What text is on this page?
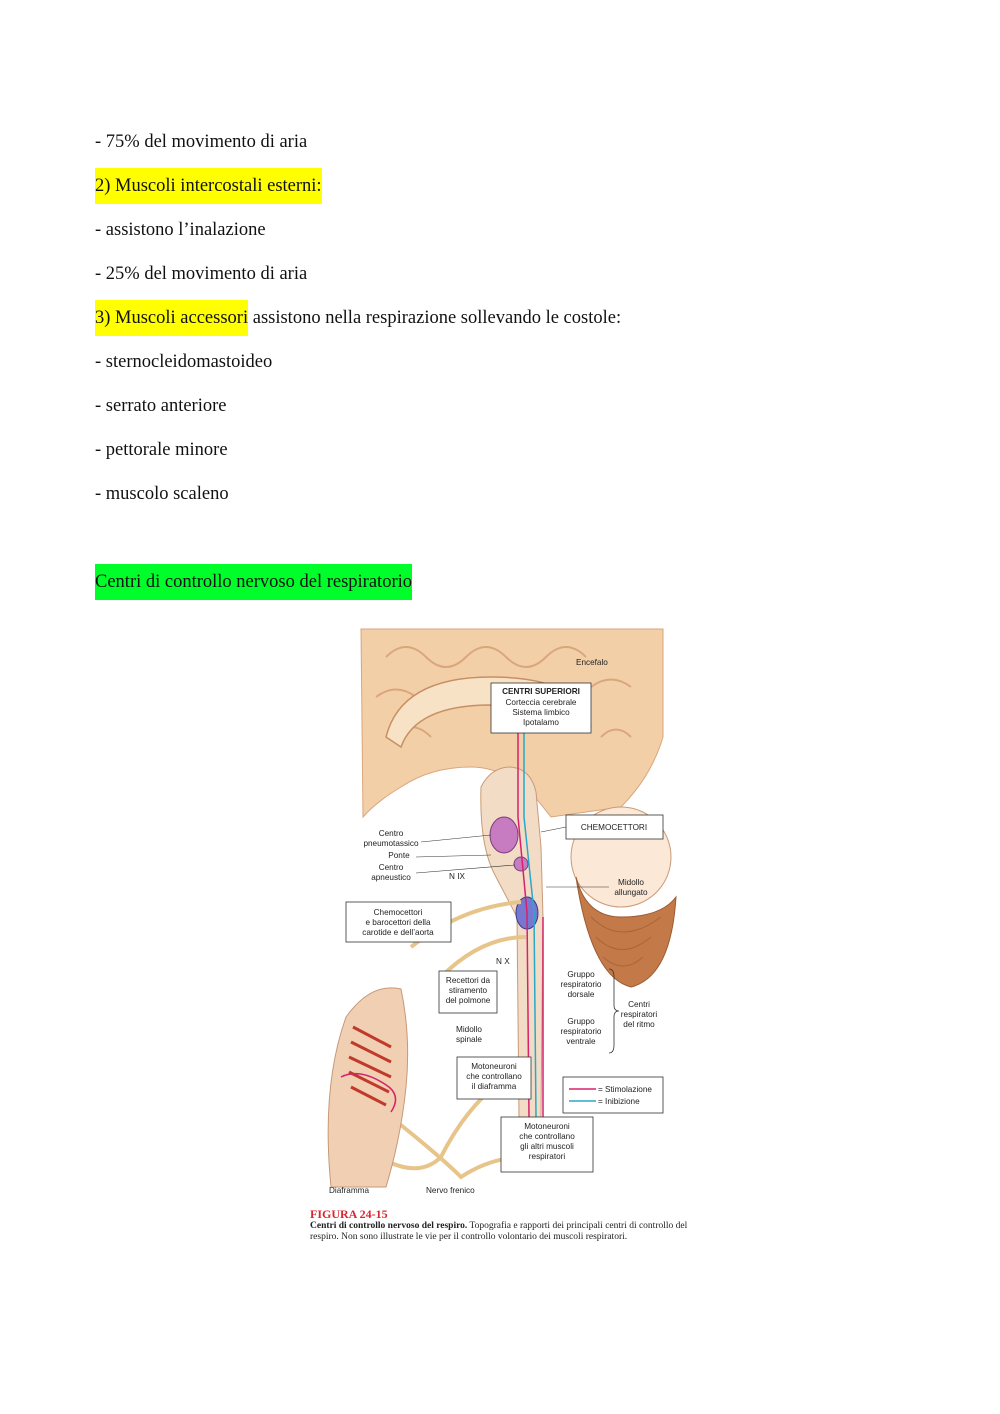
- 75% del movimento di aria
2) Muscoli intercostali esterni:
- assistono l’inalazione
- 25% del movimento di aria
3) Muscoli accessori assistono nella respirazione sollevando le costole:
- sternocleidomastoideo
- serrato anteriore
- pettorale minore
- muscolo scaleno
Centri di controllo nervoso del respiratorio
Encefalo
CENTRI SUPERIORI
Corteccia cerebrale
Sistema limbico
Ipotalamo
CHEMOCETTORI
Centro
pneumotassico
Ponte
Centro
apneustico	N IX
Midollo
allungato
Chemocettori
e barocettori della
carotide e dell’aorta
N X
Recettori da
stiramento
del polmone
Gruppo
respiratorio
dorsale
Centri
respiratori
del ritmo
Midollo
spinale
Gruppo
respiratorio
ventrale
Motoneuroni
che controllano
il diaframma	= Stimolazione
= Inibizione
Motoneuroni
che controllano
gli altri muscoli
respiratori
Diaframma	Nervo frenico
FIGURA 24-15
Centri di controllo nervoso del respiro. Topografia e rapporti dei principali centri di controllo del respiro. Non sono illustrate le vie per il controllo volontario dei muscoli respiratori.
